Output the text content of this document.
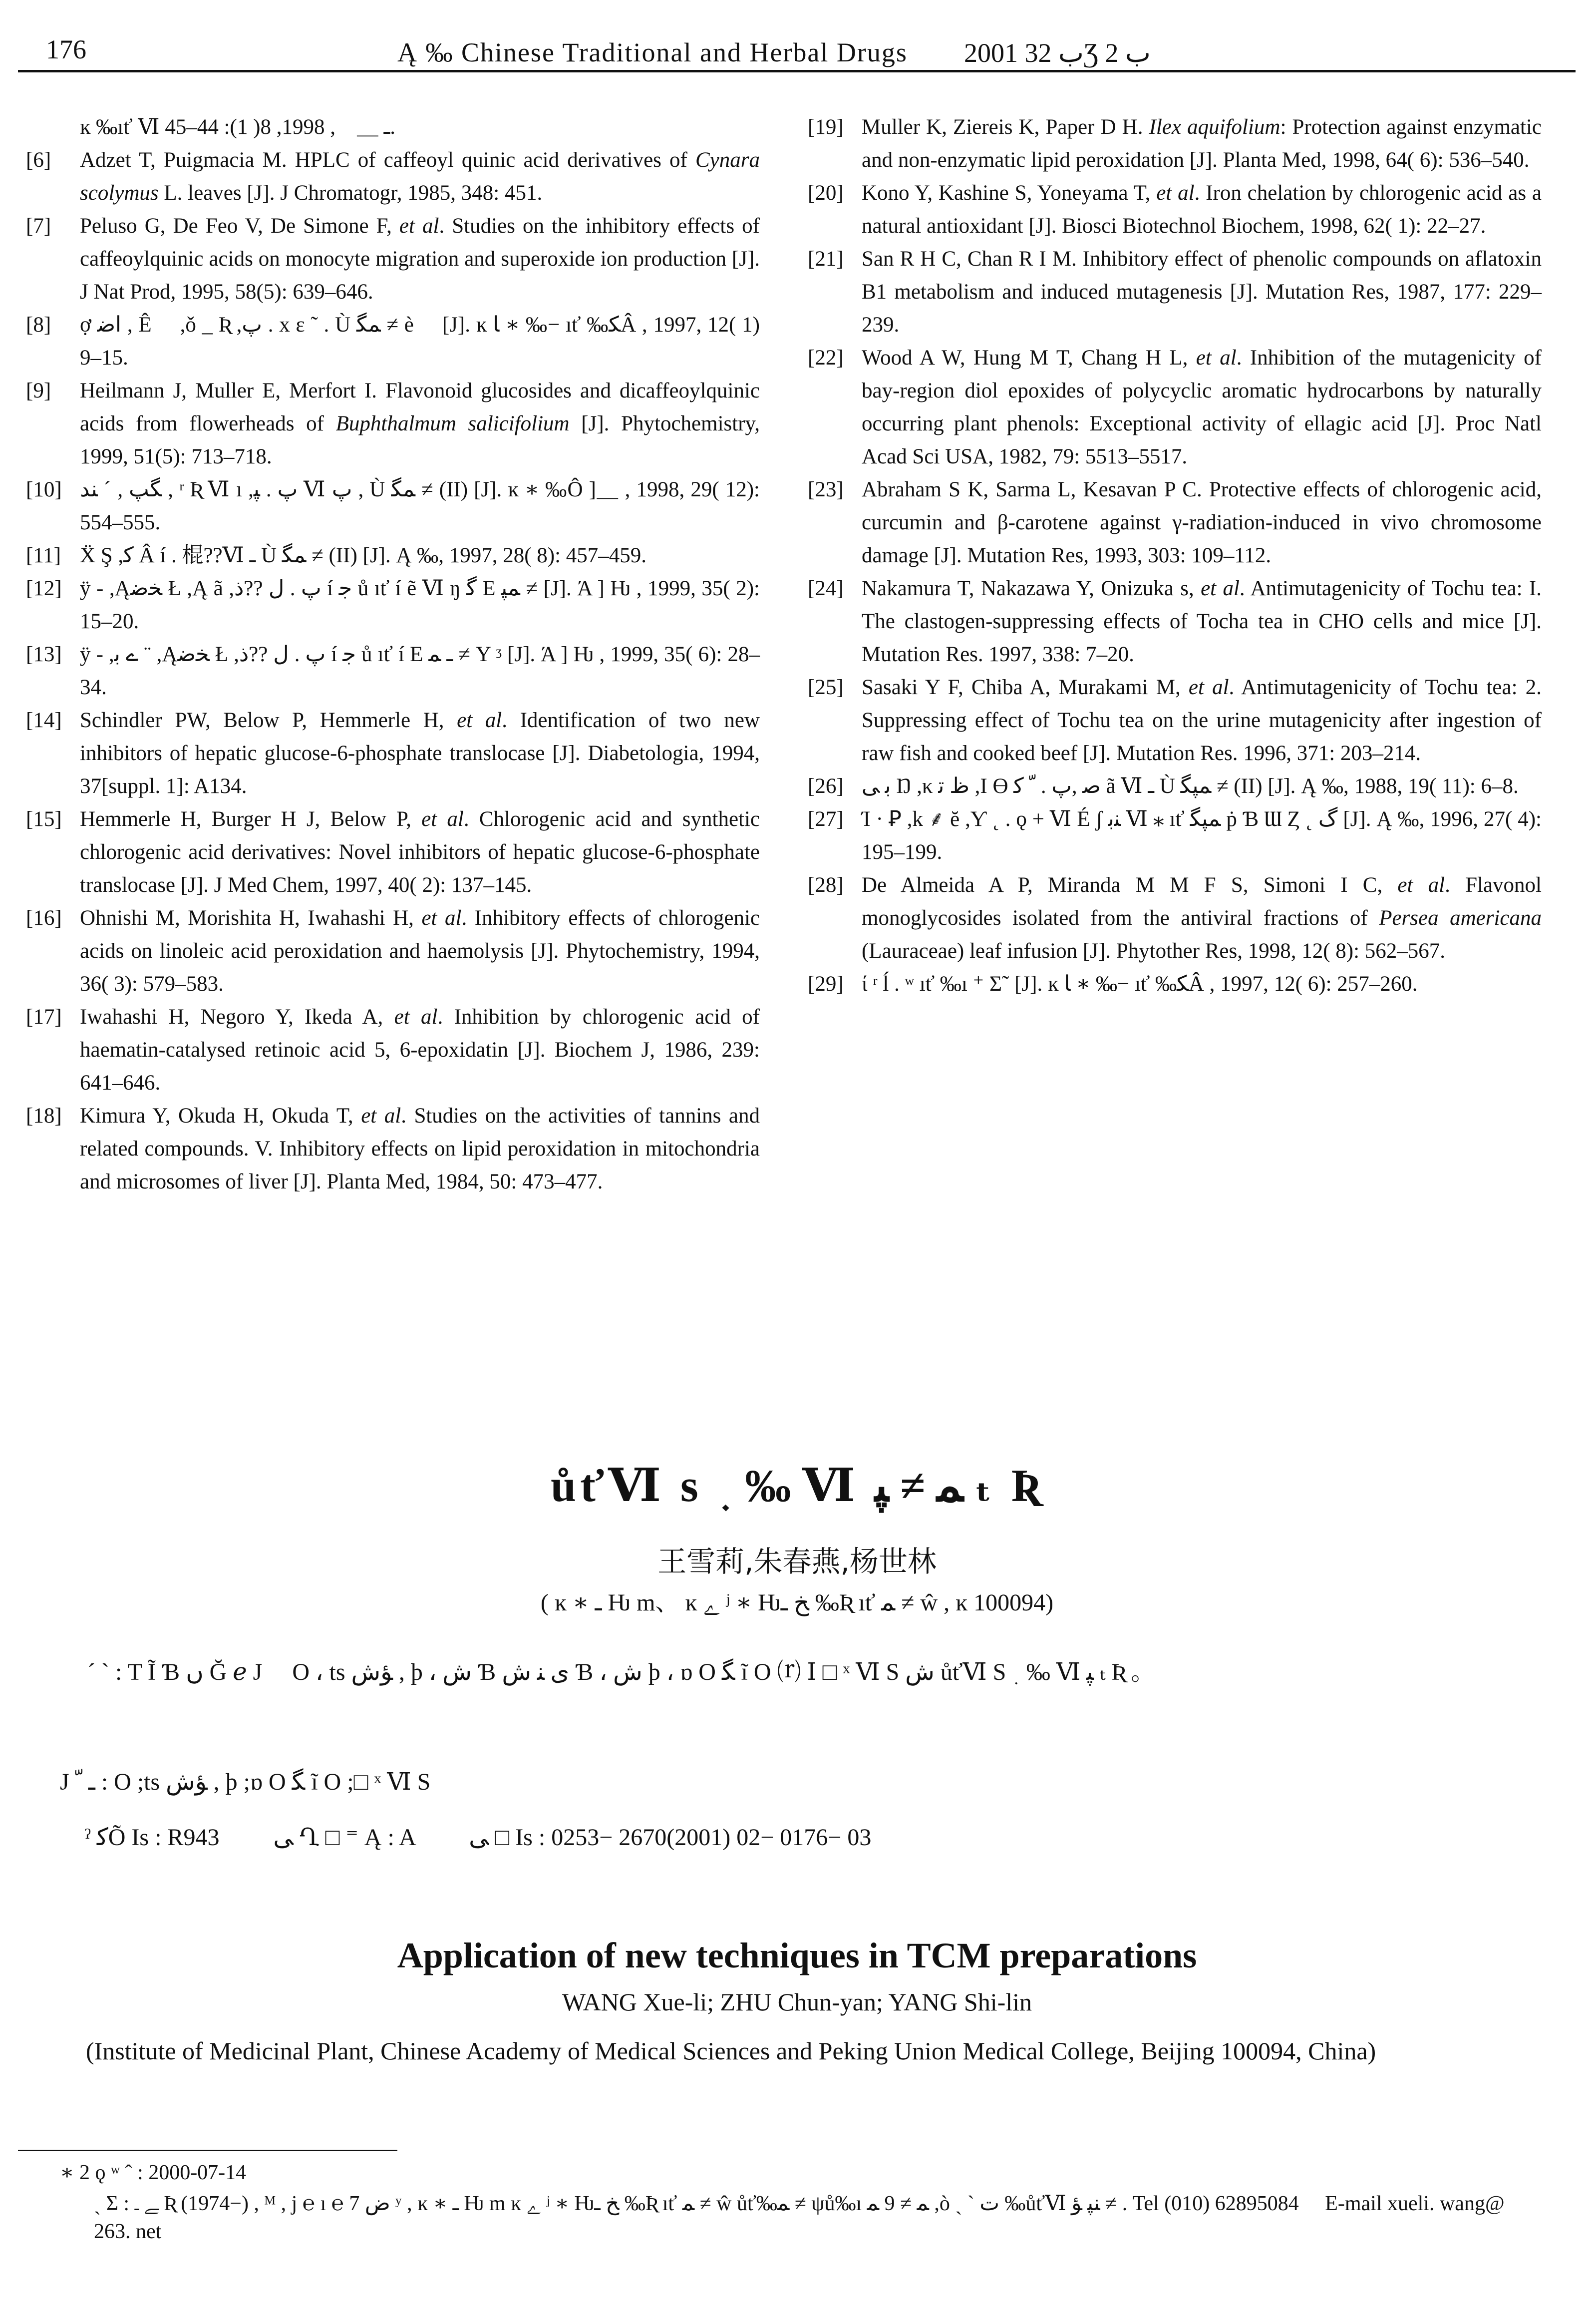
176	Ą ‰ Chinese Traditional and Herbal Drugs 2001 ب 32Ʒ ب 2

ĸ ‰ıť Ⅵ ـ ＿　, 1998, 8( 1): 44–45.

[6] Adzet T, Puigmacia M. HPLC of caffeoyl quinic acid derivatives of Cynara scolymus L. leaves [J]. J Chromatogr, 1985, 348: 451.

[7] Peluso G, De Feo V, De Simone F, et al. Studies on the inhibitory effects of caffeoylquinic acids on monocyte migration and superoxide ion production [J]. J Nat Prod, 1995, 58(5): 639–646.

[8] ợ ﺍﺿ , Ê　 ,ǒ _ Ʀ ,پ . x ε ˜ . Ù ﻤﮕ ≠ è　 [J]. ĸ ﺎ ∗ ‰− ıť ‰ﮑÂ , 1997, 12( 1) 9–15.

[9] Heilmann J, Muller E, Merfort I. Flavonoid glucosides and dicaffeoylquinic acids from flowerheads of Buphthalmum salicifolium [J]. Phytochemistry, 1999, 51(5): 713–718.

[10] ﮕﭗ , ˊ ﻨﺪ , ʳ Ʀ Ⅵ ı ,پ . ﭙ Ⅵ پ , Ù ﻤﮕ ≠ (II) [J]. ĸ ∗ ‰Ô ]＿ , 1998, 29( 12): 554–555.

[11] Ẍ Ş ,ﮐ Â í . 棍??Ⅵ ـ Ù ﻤﮕ ≠ (II) [J]. Ą ‰, 1997, 28( 8): 457–459.

[12] ÿ - ,Ąﺨﺿ Ł ,Ą ã ,پ . ﻝ ??ﺫ í ﺟ ů ıť í ẽ Ⅵ ŋ ﮔ E ﻤﭙ ≠ [J]. Ά ] Ƕ , 1999, 35( 2): 15–20.

[13] ÿ - ,ے ﺑ ¨ ,Ąﺨﺿ Ł ,پ . ﻝ ??ﺫ í ﺟ ů ıť í E ـ ﻤ ≠ Y ᶾ [J]. Ά ] Ƕ , 1999, 35( 6): 28–34.

[14] Schindler PW, Below P, Hemmerle H, et al. Identification of two new inhibitors of hepatic glucose-6-phosphate translocase [J]. Diabetologia, 1994, 37[suppl. 1]: A134.

[15] Hemmerle H, Burger H J, Below P, et al. Chlorogenic acid and synthetic chlorogenic acid derivatives: Novel inhibitors of hepatic glucose-6-phosphate translocase [J]. J Med Chem, 1997, 40( 2): 137–145.

[16] Ohnishi M, Morishita H, Iwahashi H, et al. Inhibitory effects of chlorogenic acids on linoleic acid peroxidation and haemolysis [J]. Phytochemistry, 1994, 36( 3): 579–583.

[17] Iwahashi H, Negoro Y, Ikeda A, et al. Inhibition by chlorogenic acid of haematin-catalysed retinoic acid 5, 6-epoxidatin [J]. Biochem J, 1986, 239: 641–646.

[18] Kimura Y, Okuda H, Okuda T, et al. Studies on the activities of tannins and related compounds. V. Inhibitory effects on lipid peroxidation in mitochondria and microsomes of liver [J]. Planta Med, 1984, 50: 473–477.

[19] Muller K, Ziereis K, Paper D H. Ilex aquifolium: Protection against enzymatic and non-enzymatic lipid peroxidation [J]. Planta Med, 1998, 64( 6): 536–540.

[20] Kono Y, Kashine S, Yoneyama T, et al. Iron chelation by chlorogenic acid as a natural antioxidant [J]. Biosci Biotechnol Biochem, 1998, 62( 1): 22–27.

[21] San R H C, Chan R I M. Inhibitory effect of phenolic compounds on aflatoxin B1 metabolism and induced mutagenesis [J]. Mutation Res, 1987, 177: 229–239.

[22] Wood A W, Hung M T, Chang H L, et al. Inhibition of the mutagenicity of bay-region diol epoxides of polycyclic aromatic hydrocarbons by naturally occurring plant phenols: Exceptional activity of ellagic acid [J]. Proc Natl Acad Sci USA, 1982, 79: 5513–5517.

[23] Abraham S K, Sarma L, Kesavan P C. Protective effects of chlorogenic acid, curcumin and β-carotene against γ-radiation-induced in vivo chromosome damage [J]. Mutation Res, 1993, 303: 109–112.

[24] Nakamura T, Nakazawa Y, Onizuka s, et al. Antimutagenicity of Tochu tea: I. The clastogen-suppressing effects of Tocha tea in CHO cells and mice [J]. Mutation Res. 1997, 338: 7–20.

[25] Sasaki Y F, Chiba A, Murakami M, et al. Antimutagenicity of Tochu tea: 2. Suppressing effect of Tochu tea on the urine mutagenicity after ingestion of raw fish and cooked beef [J]. Mutation Res. 1996, 371: 203–214.

[26] ﺑ ﻰ Ŋ ,κ ﻅ ﺗ ,I Ө ﺻ ,پ . ﹼ ﮐ ã Ⅵ ـ Ù ﻤﭙﮕ ≠ (II) [J]. Ą ‰, 1988, 19( 11): 6–8.

[27] Ί · Ꝑ ,k ⸙ ĕ ,Ƴ ˛ . ǫ + Ⅵ É ʃ ﻨﺑ Ⅵ ⁎ ıť ﻤﭙﮕ ṗ Ɓ Ɯ Ȥ ˛ ﮒ [J]. Ą ‰, 1996, 27( 4): 195–199.

[28] De Almeida A P, Miranda M M F S, Simoni I C, et al. Flavonol monoglycosides isolated from the antiviral fractions of Persea americana (Lauraceae) leaf infusion [J]. Phytother Res, 1998, 12( 8): 562–567.

[29] ί ʳ ĺ . ʷ ıť ‰ı ⁺ Ʃ˜ [J]. ĸ ﺎ ∗ ‰− ıť ‰ﮑÂ , 1997, 12( 6): 257–260.

ůťⅥ s ﮳ ‰ Ⅵ ﻤ ≠ ﭙ ₜ Ʀ
王雪莉,朱春燕,杨世林
( ĸ ∗ ـ Ƕ m、 ĸ ﮮ ʲ ∗ Ƕﺦ ـ ‰Ʀ ıť ﻤ ≠ ŵ , ĸ 100094)
ˊ ˋ : T Ĩ Ɓ ں Ğ ℯ J　 O ، ts ﺆﺵ , þ ، ﺵ Ɓ ﻯ ﻨ ﺵ Ɓ ، ﺵ þ ، ɒ O ﮕ ĩ O ⒭ Ⅰ □ ˣ Ⅵ S ﺵ ůťⅥ S ﮳ ‰ Ⅵ ﭙ ₜ Ʀ 。
J ـ ﹼ : O ;ts ﺆﺵ , þ ;ɒ O ﮕ ĩ O ;□ ˣ Ⅵ S
ˀ ﮐÕ Is : R943　　 ﻰ Ղ □ ⁼ Ą : A　　 ﻰ □ Is : 0253− 2670(2001) 02− 0176− 03
Application of new techniques in TCM preparations
WANG Xue-li; ZHU Chun-yan; YANG Shi-lin
(Institute of Medicinal Plant, Chinese Academy of Medical Sciences and Peking Union Medical College, Beijing 100094, China)
∗ 2 ǫ ʷ ˆ : 2000-07-14
ˏ Ʃ : ﮯ ـ Ʀ (1974−) , ᴹ , j ℮ ı ℮ ﺽ 7 ʸ , ĸ ∗ ـ Ƕ m ĸ ﮮ ʲ ∗ Ƕﺦ ـ ‰Ʀ ıť ﻤ ≠ ŵ ůť‰ﻤ ≠ ψů‰ı ﻤ ≠ 9 ﻤ ,ò ˏ ˋ ﺕ ‰ůťⅥ ﻨﭙ ﺆ ≠ . Tel (010) 62895084　 E-mail xueli. wang@ 263. net
